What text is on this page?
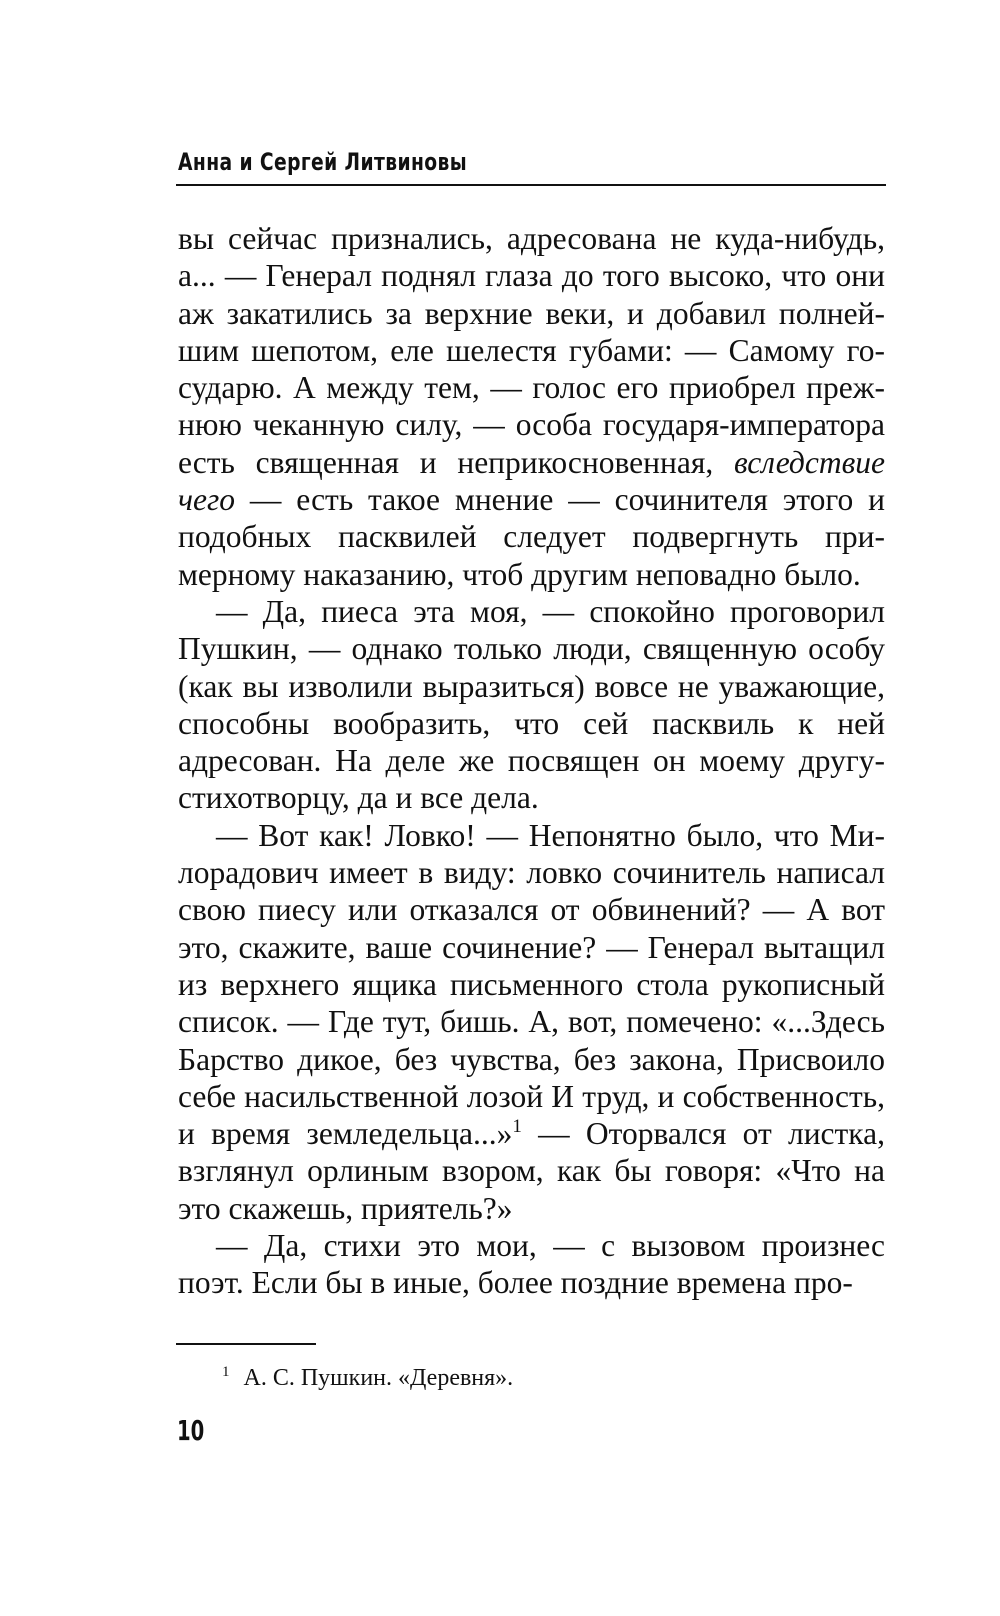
Анна и Сергей Литвиновы

вы сейчас признались, адресована не куда-нибудь, а... — Генерал поднял глаза до того высоко, что они аж закатились за верхние веки, и добавил полнейшим шепотом, еле шелестя губами: — Самому государю. А между тем, — голос его приобрел прежнюю чеканную силу, — особа государя-императора есть священная и неприкосновенная, вследствие чего — есть такое мнение — сочинителя этого и подобных пасквилей следует подвергнуть примерному наказанию, чтоб другим неповадно было.

— Да, пиеса эта моя, — спокойно проговорил Пушкин, — однако только люди, священную особу (как вы изволили выразиться) вовсе не уважающие, способны вообразить, что сей пасквиль к ней адресован. На деле же посвящен он моему другу-стихотворцу, да и все дела.

— Вот как! Ловко! — Непонятно было, что Милорадович имеет в виду: ловко сочинитель написал свою пиесу или отказался от обвинений? — А вот это, скажите, ваше сочинение? — Генерал вытащил из верхнего ящика письменного стола рукописный список. — Где тут, бишь. А, вот, помечено: «...Здесь Барство дикое, без чувства, без закона, Присвоило себе насильственной лозой И труд, и собственность, и время земледельца...»$^1$ — Оторвался от листка, взглянул орлиным взором, как бы говоря: «Что на это скажешь, приятель?»

— Да, стихи это мои, — с вызовом произнес поэт. Если бы в иные, более поздние времена про-

$^1$ А. С. Пушкин. «Деревня».
10
